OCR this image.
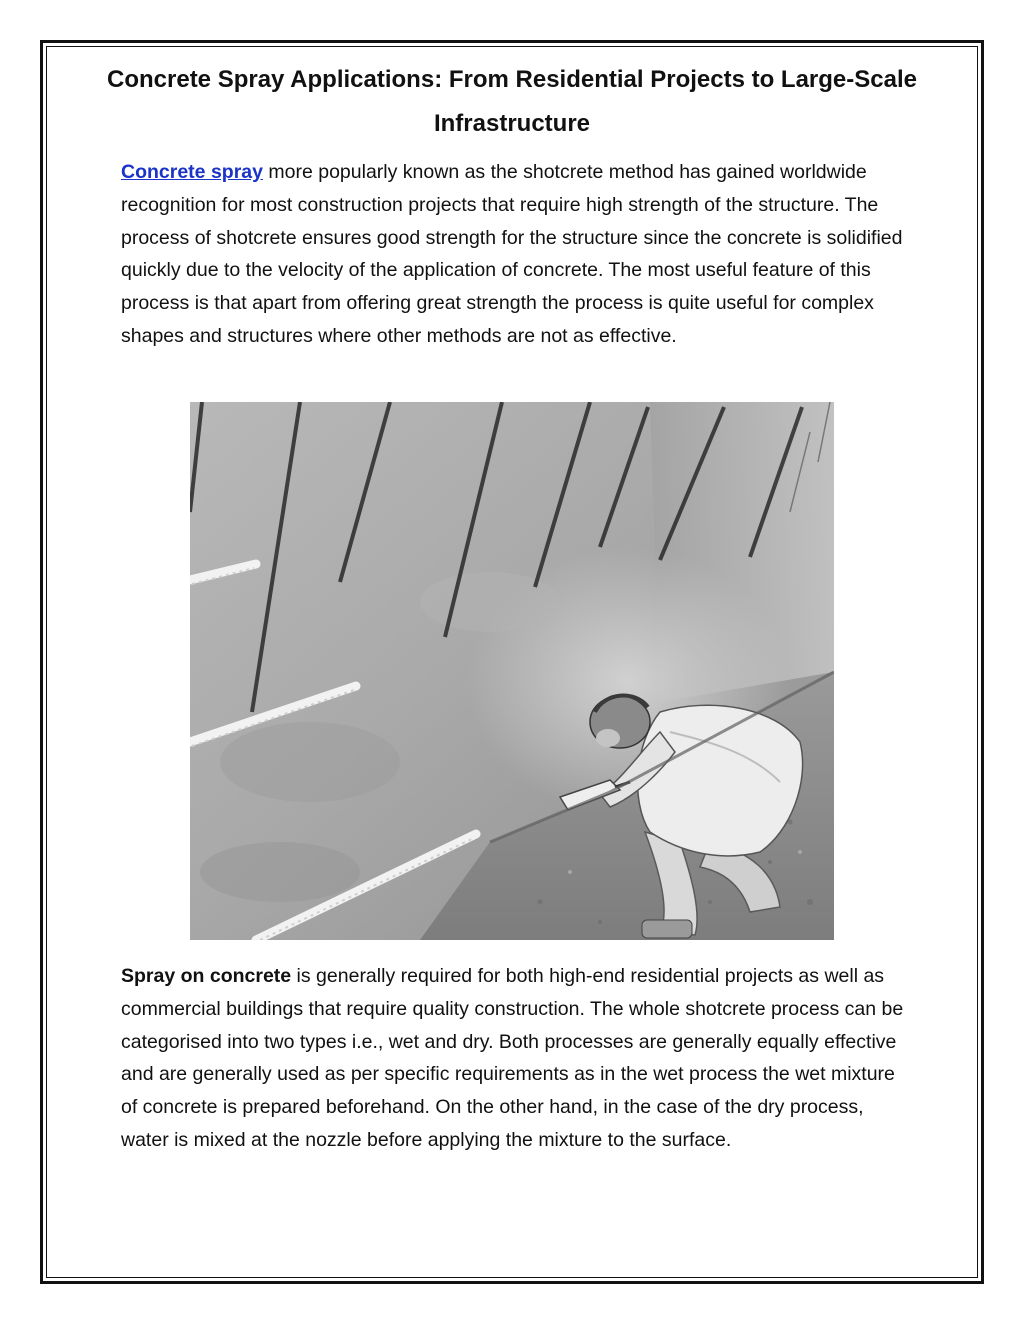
Concrete Spray Applications: From Residential Projects to Large-Scale Infrastructure

Concrete spray more popularly known as the shotcrete method has gained worldwide recognition for most construction projects that require high strength of the structure. The process of shotcrete ensures good strength for the structure since the concrete is solidified quickly due to the velocity of the application of concrete. The most useful feature of this process is that apart from offering great strength the process is quite useful for complex shapes and structures where other methods are not as effective.

Spray on concrete is generally required for both high-end residential projects as well as commercial buildings that require quality construction. The whole shotcrete process can be categorised into two types i.e., wet and dry. Both processes are generally equally effective and are generally used as per specific requirements as in the wet process the wet mixture of concrete is prepared beforehand. On the other hand, in the case of the dry process, water is mixed at the nozzle before applying the mixture to the surface.
